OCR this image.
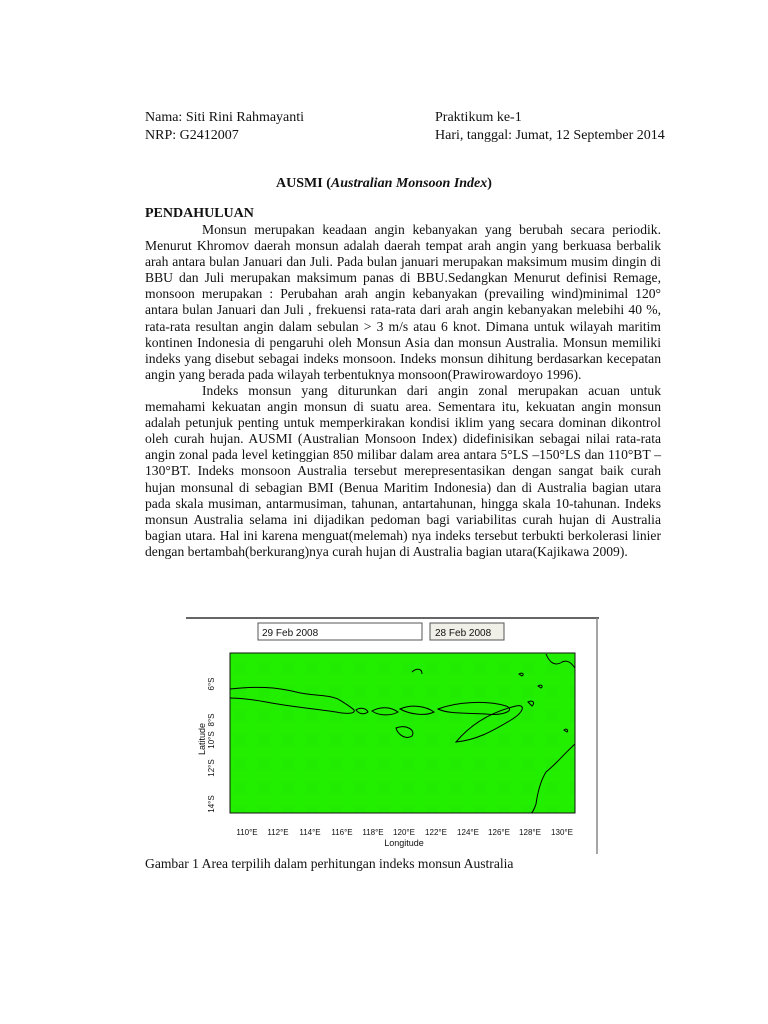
Nama: Siti Rini Rahmayanti
NRP: G2412007
Praktikum ke-1
Hari, tanggal: Jumat, 12 September 2014
AUSMI (Australian Monsoon Index)
PENDAHULUAN

Monsun merupakan keadaan angin kebanyakan yang berubah secara periodik. Menurut Khromov daerah monsun adalah daerah tempat arah angin yang berkuasa berbalik arah antara bulan Januari dan Juli. Pada bulan januari merupakan maksimum musim dingin di BBU dan Juli merupakan maksimum panas di BBU.Sedangkan Menurut definisi Remage, monsoon merupakan : Perubahan arah angin kebanyakan (prevailing wind)minimal 120° antara bulan Januari dan Juli , frekuensi rata-rata dari arah angin kebanyakan melebihi 40 %, rata-rata resultan angin dalam sebulan > 3 m/s atau 6 knot. Dimana untuk wilayah maritim kontinen Indonesia di pengaruhi oleh Monsun Asia dan monsun Australia. Monsun memiliki indeks yang disebut sebagai indeks monsoon. Indeks monsun dihitung berdasarkan kecepatan angin yang berada pada wilayah terbentuknya monsoon(Prawirowardoyo 1996).

Indeks monsun yang diturunkan dari angin zonal merupakan acuan untuk memahami kekuatan angin monsun di suatu area. Sementara itu, kekuatan angin monsun adalah petunjuk penting untuk memperkirakan kondisi iklim yang secara dominan dikontrol oleh curah hujan. AUSMI (Australian Monsoon Index) didefinisikan sebagai nilai rata-rata angin zonal pada level ketinggian 850 milibar dalam area antara 5°LS –150°LS dan 110°BT –130°BT. Indeks monsoon Australia tersebut merepresentasikan dengan sangat baik curah hujan monsunal di sebagian BMI (Benua Maritim Indonesia) dan di Australia bagian utara pada skala musiman, antarmusiman, tahunan, antartahunan, hingga skala 10-tahunan. Indeks monsun Australia selama ini dijadikan pedoman bagi variabilitas curah hujan di Australia bagian utara. Hal ini karena menguat(melemah) nya indeks tersebut terbukti berkolerasi linier dengan bertambah(berkurang)nya curah hujan di Australia bagian utara(Kajikawa 2009).

29 Feb 2008	28 Feb 2008
6°S
8°S
10°S
12°S
14°S
Latitude
110°E 112°E 114°E 116°E 118°E 120°E 122°E 124°E 126°E 128°E 130°E
Longitude
Gambar 1 Area terpilih dalam perhitungan indeks monsun Australia
